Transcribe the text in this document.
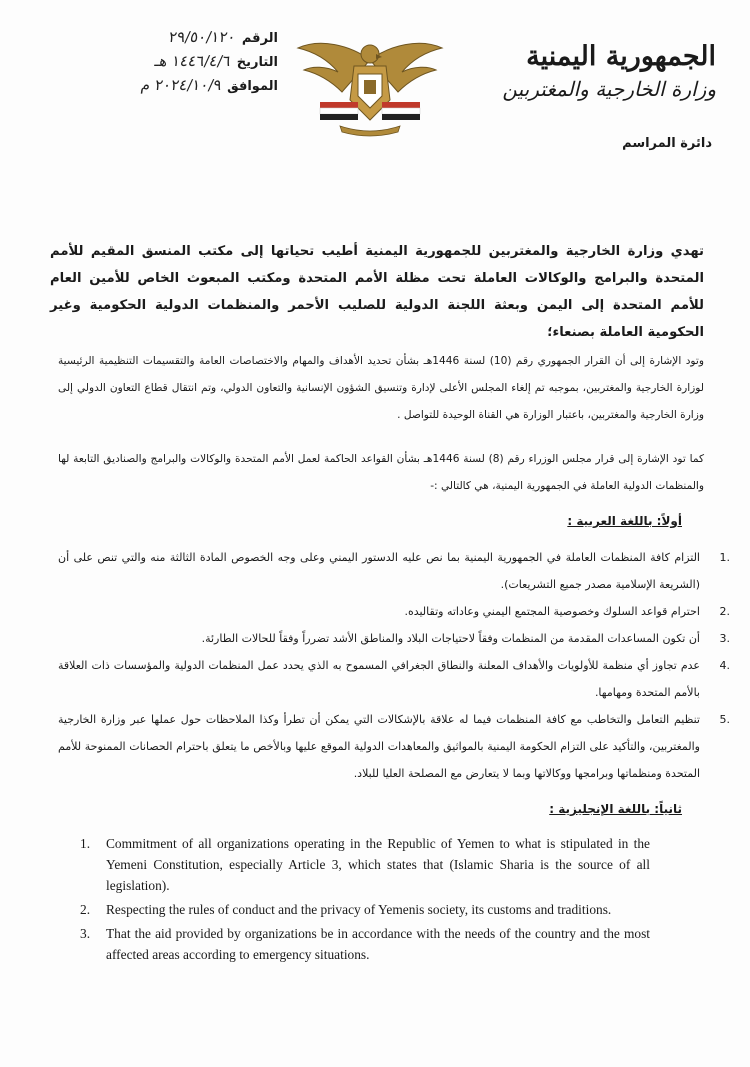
الرقم
٢٩/٥٠/١٢٠
التاريخ
١٤٤٦/٤/٦ هـ
الموافق
٢٠٢٤/١٠/٩ م
الجمهورية اليمنية
وزارة الخارجية والمغتربين
دائرة المراسم
تهدي وزارة الخارجية والمغتربين للجمهورية اليمنية أطيب تحياتها إلى مكتب المنسق المقيم للأمم المتحدة والبرامج والوكالات العاملة تحت مظلة الأمم المتحدة ومكتب المبعوث الخاص للأمين العام للأمم المتحدة إلى اليمن وبعثة اللجنة الدولية للصليب الأحمر والمنظمات الدولية الحكومية وغير الحكومية العاملة بصنعاء؛
وتود الإشارة إلى أن القرار الجمهوري رقم (10) لسنة 1446هـ بشأن تحديد الأهداف والمهام والاختصاصات العامة والتقسيمات التنظيمية الرئيسية لوزارة الخارجية والمغتربين، بموجبه تم إلغاء المجلس الأعلى لإدارة وتنسيق الشؤون الإنسانية والتعاون الدولي، وتم انتقال قطاع التعاون الدولي إلى وزارة الخارجية والمغتربين، باعتبار الوزارة هي القناة الوحيدة للتواصل .
كما تود الإشارة إلى قرار مجلس الوزراء رقم (8) لسنة 1446هـ بشأن القواعد الحاكمة لعمل الأمم المتحدة والوكالات والبرامج والصناديق التابعة لها والمنظمات الدولية العاملة في الجمهورية اليمنية، هي كالتالي :-
أولاً: باللغة العربية :
.1
التزام كافة المنظمات العاملة في الجمهورية اليمنية بما نص عليه الدستور اليمني وعلى وجه الخصوص المادة الثالثة منه والتي تنص على أن (الشريعة الإسلامية مصدر جميع التشريعات).
.2
احترام قواعد السلوك وخصوصية المجتمع اليمني وعاداته وتقاليده.
.3
أن تكون المساعدات المقدمة من المنظمات وفقاً لاحتياجات البلاد والمناطق الأشد تضرراً وفقاً للحالات الطارئة.
.4
عدم تجاوز أي منظمة للأولويات والأهداف المعلنة والنطاق الجغرافي المسموح به الذي يحدد عمل المنظمات الدولية والمؤسسات ذات العلاقة بالأمم المتحدة ومهامها.
.5
تنظيم التعامل والتخاطب مع كافة المنظمات فيما له علاقة بالإشكالات التي يمكن أن تطرأ وكذا الملاحظات حول عملها عبر وزارة الخارجية والمغتربين، والتأكيد على التزام الحكومة اليمنية بالمواثيق والمعاهدات الدولية الموقع عليها وبالأخص ما يتعلق باحترام الحصانات الممنوحة للأمم المتحدة ومنظماتها وبرامجها ووكالاتها وبما لا يتعارض مع المصلحة العليا للبلاد.
ثانياً: باللغة الإنجليزية :
1.	Commitment of all organizations operating in the Republic of Yemen to what is stipulated in the Yemeni Constitution, especially Article 3, which states that (Islamic Sharia is the source of all legislation).
2.	Respecting the rules of conduct and the privacy of Yemenis society, its customs and traditions.
3.	That the aid provided by organizations be in accordance with the needs of the country and the most affected areas according to emergency situations.
